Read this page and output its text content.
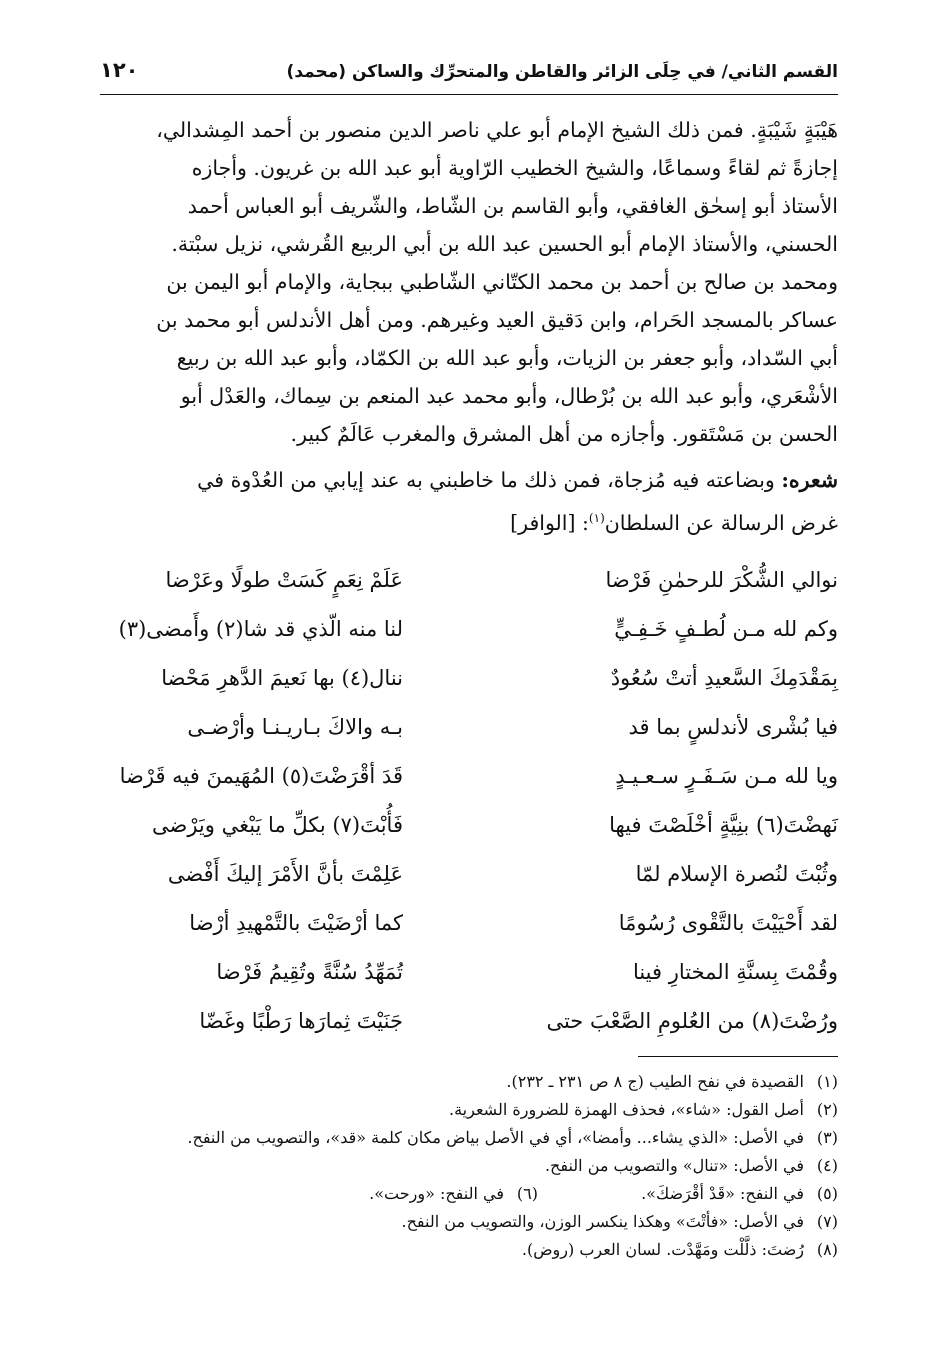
القسم الثاني/ في حِلَى الزائر والقاطن والمتحرِّك والساكن (محمد)
١٢٠

هَيْبَةٍ شَيْبَةٍ. فمن ذلك الشيخ الإمام أبو علي ناصر الدين منصور بن أحمد المِشدالي،

إجازةً ثم لقاءً وسماعًا، والشيخ الخطيب الرّاوية أبو عبد الله بن غريون. وأجازه

الأستاذ أبو إسحٰق الغافقي، وأبو القاسم بن الشّاط، والشّريف أبو العباس أحمد

الحسني، والأستاذ الإمام أبو الحسين عبد الله بن أبي الربيع القُرشي، نزيل سبْتة.

ومحمد بن صالح بن أحمد بن محمد الكتّاني الشّاطبي ببجاية، والإمام أبو اليمن بن

عساكر بالمسجد الحَرام، وابن دَقيق العيد وغيرهم. ومن أهل الأندلس أبو محمد بن

أبي السّداد، وأبو جعفر بن الزيات، وأبو عبد الله بن الكمّاد، وأبو عبد الله بن ربيع

الأشْعَري، وأبو عبد الله بن بُرْطال، وأبو محمد عبد المنعم بن سِماك، والعَدْل أبو

الحسن بن مَسْتَقور. وأجازه من أهل المشرق والمغرب عَالَمٌ كبير.

شعره: وبضاعته فيه مُزجاة، فمن ذلك ما خاطبني به عند إيابي من العُدْوة في

غرض الرسالة عن السلطان$^{(١)}$: [الوافر]

نوالي الشُّكْرَ للرحمٰنِ فَرْضا
عَلَمْ نِعَمٍ كَسَتْ طولًا وعَرْضا
وكم لله مـن لُطـفٍ خَـفِـيٍّ
لنا منه الّذي قد شا(٢) وأَمضى(٣)
بِمَقْدَمِكَ السَّعيدِ أتتْ سُعُودٌ
ننال(٤) بها نَعيمَ الدَّهرِ مَحْضا
فيا بُشْرى لأندلسٍ بما قد
بـه والاكَ بـاريـنـا وأرْضـى
ويا لله مـن سَـفَـرٍ سـعـيـدٍ
قَدَ أقْرَضْتَ(٥) المُهَيمنَ فيه قَرْضا
نَهضْتَ(٦) بنِيَّةٍ أخْلَصْتَ فيها
فَأُبْتَ(٧) بكلِّ ما يَبْغي ويَرْضى
وثُبْتَ لنُصرة الإسلام لمّا
عَلِمْتَ بأنَّ الأَمْرَ إليكَ أَفْضى
لقد أَحْيَيْتَ بالتَّقْوى رُسُومًا
كما أرْضَيْتَ بالتَّمْهيدِ أرْضا
وقُمْتَ بِسنَّةِ المختارِ فينا
تُمَهِّدُ سُنَّةً وتُقِيمُ فَرْضا
ورُضْتَ(٨) من العُلومِ الصَّعْبَ حتى
جَنَيْتَ ثِمارَها رَطْبًا وغَضّا
(١)
القصيدة في نفح الطيب (ج ٨ ص ٢٣١ ـ ٢٣٢).
(٢)
أصل القول: «شاء»، فحذف الهمزة للضرورة الشعرية.
(٣)
في الأصل: «الذي يشاء... وأمضا»، أي في الأصل بياض مكان كلمة «قد»، والتصويب من النفح.
(٤)
في الأصل: «تنال» والتصويب من النفح.
(٥)
في النفح: «قَدْ أقْرَضكَ».
(٦)
في النفح: «ورحت».
(٧)
في الأصل: «فأتْتَ» وهكذا ينكسر الوزن، والتصويب من النفح.
(٨)
رُضتَ: ذلَّلْت ومَهَّدْت. لسان العرب (روض).
